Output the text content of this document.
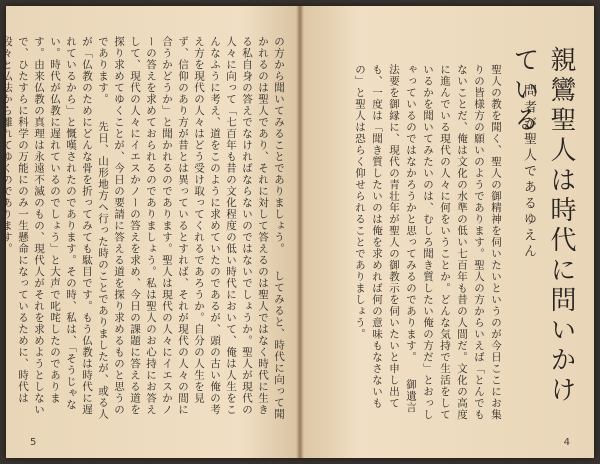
親鸞聖人は時代に問いかけている
問者が聖人であるゆえん
聖人の教を聞く、聖人の御精神を伺いたいというのが今日ここにお集りの皆様方の願いのようであります。聖人の方からいえば「とんでもないことだ、俺は文化の水準の低い七百年も昔の人間だ。文化の高度に進んでいる現代の人々に何をいうことか。どんな気持で生活をしているかを聞いてみたいのは、むしろ聞き質したい俺の方だ」とおっしゃっているのではなかろうかと思ってみるのであります。 　御遺言法要を御縁に、現代の青壮年が聖人の御教示を伺いたいと申し出ても、一度は「聞き質したいのは俺を求めれば何の意味もなさないもの」と聖人は恐らく仰せられることでありましょう。
4
の方から聞いてみることでありましょう。 　してみると、時代に向って聞かれるのは聖人であり、それに対して答えるのは聖人ではなく時代に生きる私自身の答えでなければならないのではないでしょうか。聖人が現代の人々に向って「七百年も昔の文化程度の低い時代において、俺は人生をこんなふうに考え、道をこのように求めていたのであるが、頭の古い俺の考え方を現代の人々はどう受け取ってくれるであろうか。自分の人生を見ず、信仰のあり方が昔とは異っているとすれば、それが現代の人々の間に合うかどうか」と聞かれるのであります。聖人は現代の人々にイエスかノーの答えを求めておられるのでありましょう。私は聖人のお心持にお答えして、現代の人々にイエスかノーの答えを求め、今日の課題に答える道を探り求めてゆくことが、今日の要請に答える道を探り求めるものと思うのであります。 　先日、山形地方へ行った時のことでありましたが、或る人が「仏教のためにどんな骨を折ってみても駄目です。もう仏教は時代に遅れているから」と慨嘆されたのであります。その時、私は、「そうじゃない。時代が仏教に遅れているのでしょう」と大声で叱咤したのであります。由来仏教の真理は永遠不滅のもの、現代人がそれを求めようとしないで、ひたすらに科学の万能にのみ一生懸命になっているために、時代は段々と仏法から離れてゆくのであります。
5
